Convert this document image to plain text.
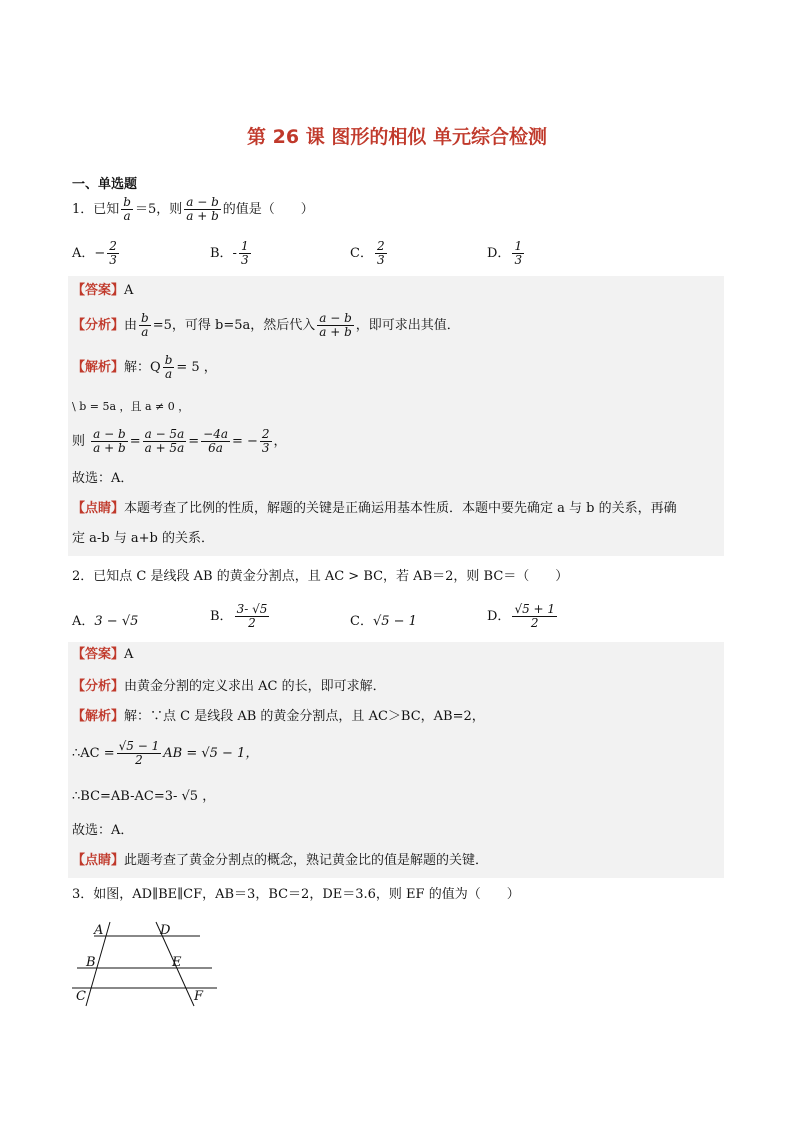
第 26 课 图形的相似 单元综合检测
一、单选题
1．已知 $\frac{b}{a} =5$，则 $\frac{a - b}{a + b}$ 的值是（　　）
A．− $\frac{2}{3}$	B．- $\frac{1}{3}$	C． $\frac{2}{3}$	D． $\frac{1}{3}$
【答案】A
【分析】由 $\frac{b}{a} =5$，可得 b=5a，然后代入 $\frac{a - b}{a + b}$ ，即可求出其值．
【解析】解：Q $\frac{b}{a} = 5$ ，
\ b = 5a ，且 a ≠ 0 ，
则 $\frac{a - b}{a + b} = \frac{a - 5a}{a + 5a} = \frac{-4a}{6a}$ = − $\frac{2}{3}$ ，
故选：A．
【点睛】本题考查了比例的性质，解题的关键是正确运用基本性质．本题中要先确定 a 与 b 的关系，再确
定 a-b 与 a+b 的关系．
2．已知点 C 是线段 AB 的黄金分割点，且 AC > BC，若 AB＝2，则 BC＝（　　）
A．3 − √5	B． $\frac{3- √5}{2}$	C．√5 − 1	D． $\frac{√5 + 1}{2}$
【答案】A
【分析】由黄金分割的定义求出 AC 的长，即可求解．
【解析】解：∵点 C 是线段 AB 的黄金分割点，且 AC＞BC，AB=2，
∴AC = $\frac{√5 - 1}{2}$ AB = √5 − 1，
∴BC=AB-AC=3- √5 ，
故选：A．
【点睛】此题考查了黄金分割点的概念，熟记黄金比的值是解题的关键．
3．如图，AD∥BE∥CF，AB＝3，BC＝2，DE＝3.6，则 EF 的值为（　　）
A	D
B	E
C	F
